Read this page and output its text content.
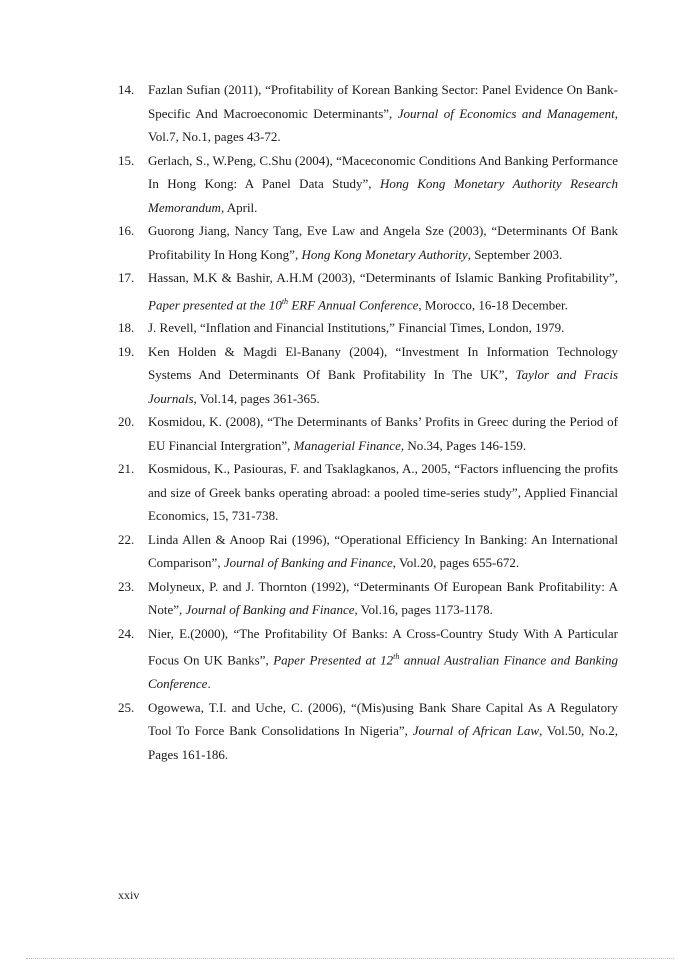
14.	Fazlan Sufian (2011), “Profitability of Korean Banking Sector: Panel Evidence On Bank- Specific And Macroeconomic Determinants”, Journal of Economics and Management, Vol.7, No.1, pages 43-72.
15.	Gerlach, S., W.Peng, C.Shu (2004), “Maceconomic Conditions And Banking Performance In Hong Kong: A Panel Data Study”, Hong Kong Monetary Authority Research Memorandum, April.
16.	Guorong Jiang, Nancy Tang, Eve Law and Angela Sze (2003), “Determinants Of Bank Profitability In Hong Kong”, Hong Kong Monetary Authority, September 2003.
17.	Hassan, M.K & Bashir, A.H.M (2003), “Determinants of Islamic Banking Profitability”, Paper presented at the 10th ERF Annual Conference, Morocco, 16-18 December.
18.	J. Revell, “Inflation and Financial Institutions,” Financial Times, London, 1979.
19.	Ken Holden & Magdi El-Banany (2004), “Investment In Information Technology Systems And Determinants Of Bank Profitability In The UK”, Taylor and Fracis Journals, Vol.14, pages 361-365.
20.	Kosmidou, K. (2008), “The Determinants of Banks’ Profits in Greec during the Period of EU Financial Intergration”, Managerial Finance, No.34, Pages 146-159.
21.	Kosmidous, K., Pasiouras, F. and Tsaklagkanos, A., 2005, “Factors influencing the profits and size of Greek banks operating abroad: a pooled time-series study”, Applied Financial Economics, 15, 731-738.
22.	Linda Allen & Anoop Rai (1996), “Operational Efficiency In Banking: An International Comparison”, Journal of Banking and Finance, Vol.20, pages 655-672.
23.	Molyneux, P. and J. Thornton (1992), “Determinants Of European Bank Profitability: A Note”, Journal of Banking and Finance, Vol.16, pages 1173-1178.
24.	Nier, E.(2000), “The Profitability Of Banks: A Cross-Country Study With A Particular Focus On UK Banks”, Paper Presented at 12th annual Australian Finance and Banking Conference.
25.	Ogowewa, T.I. and Uche, C. (2006), “(Mis)using Bank Share Capital As A Regulatory Tool To Force Bank Consolidations In Nigeria”, Journal of African Law, Vol.50, No.2, Pages 161-186.
xxiv
